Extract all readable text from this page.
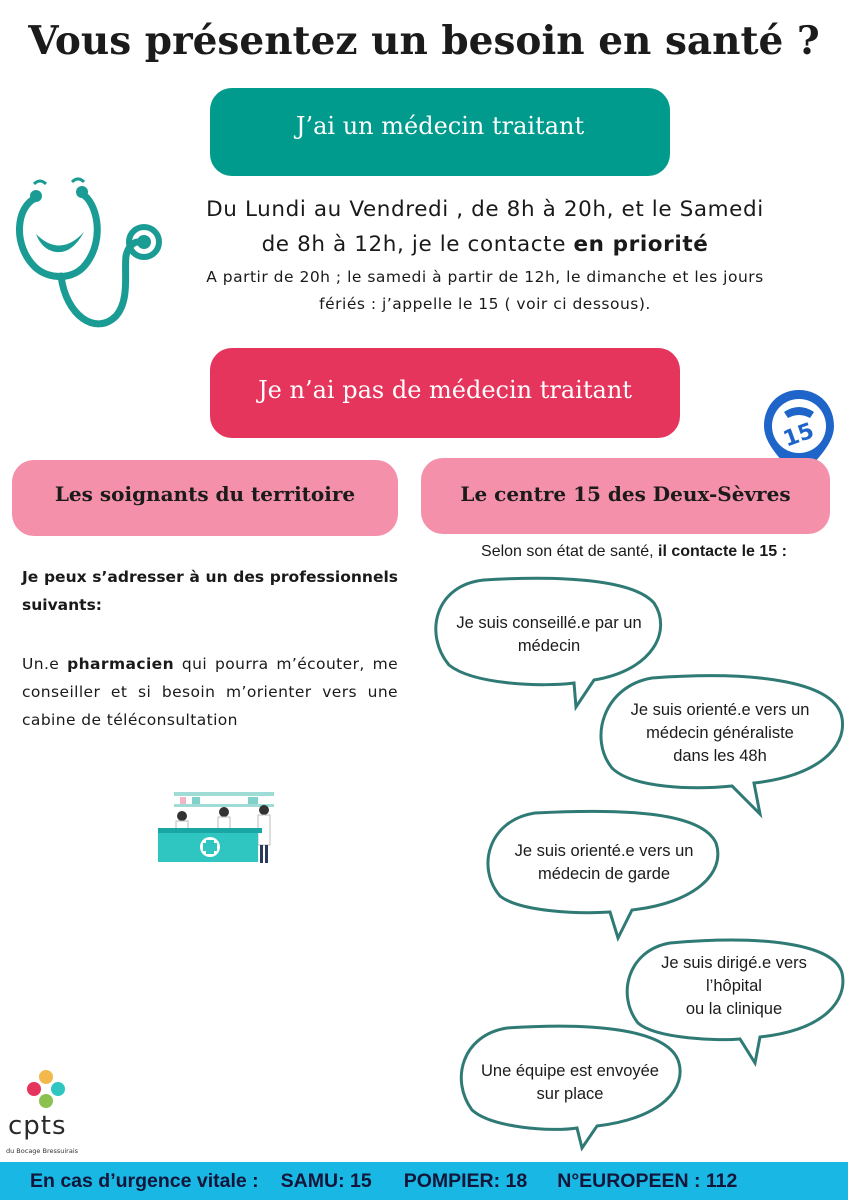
Vous présentez un besoin en santé ?
J’ai un médecin traitant
Du Lundi au Vendredi , de 8h à 20h, et le Samedi
de 8h à 12h, je le contacte en priorité
A partir de 20h ; le samedi à partir de 12h, le dimanche et les jours
fériés : j’appelle le 15 ( voir ci dessous).
Je n’ai pas de médecin traitant
15
Les soignants du territoire	Le centre 15 des Deux-Sèvres
Je peux s’adresser à un des professionnels suivants:
Un.e pharmacien qui pourra m’écouter, me conseiller et si besoin m’orienter vers une cabine de téléconsultation
Selon son état de santé, il contacte le 15 :
Je suis conseillé.e par un
médecin
Je suis orienté.e vers un
médecin généraliste
dans les 48h
Je suis orienté.e vers un
médecin de garde
Je suis dirigé.e vers
l’hôpital
ou la clinique
Une équipe est envoyée
sur place
cpts
du Bocage Bressuirais
En cas d’urgence vitale : SAMU: 15 POMPIER: 18 N°EUROPEEN : 112
